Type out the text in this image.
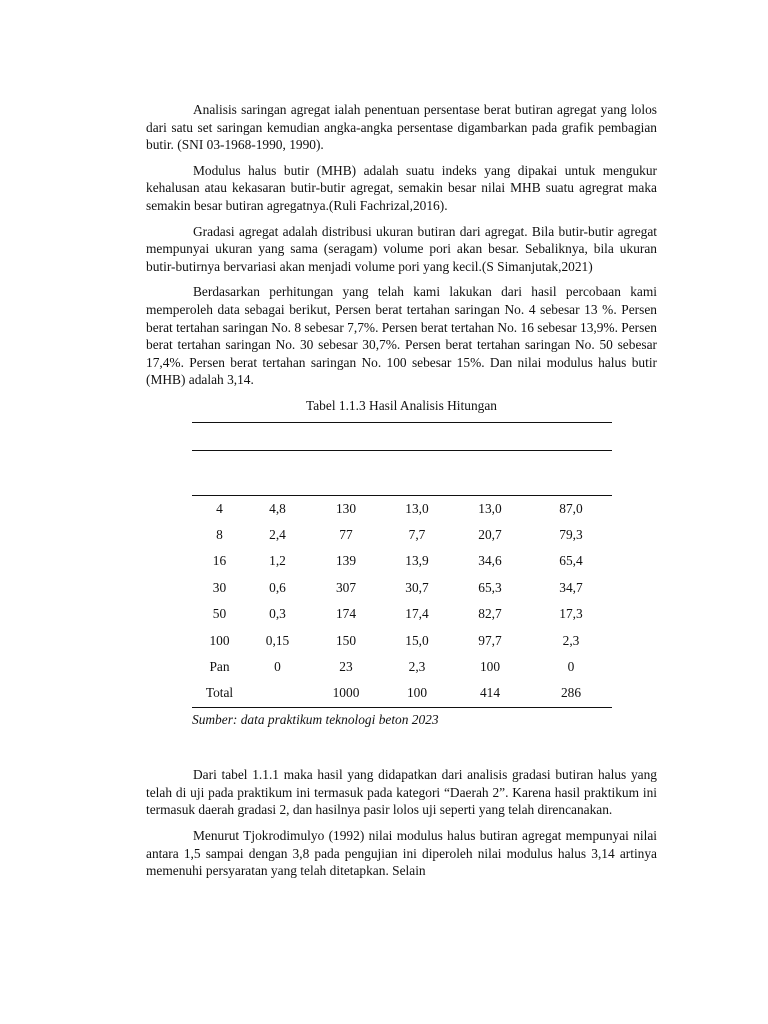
Analisis saringan agregat ialah penentuan persentase berat butiran agregat yang lolos dari satu set saringan kemudian angka-angka persentase digambarkan pada grafik pembagian butir. (SNI 03-1968-1990, 1990).

Modulus halus butir (MHB) adalah suatu indeks yang dipakai untuk mengukur kehalusan atau kekasaran butir-butir agregat, semakin besar nilai MHB suatu agregrat maka semakin besar butiran agregatnya.(Ruli Fachrizal,2016).

Gradasi agregat adalah distribusi ukuran butiran dari agregat. Bila butir-butir agregat mempunyai ukuran yang sama (seragam) volume pori akan besar. Sebaliknya, bila ukuran butir-butirnya bervariasi akan menjadi volume pori yang kecil.(S Simanjutak,2021)

Berdasarkan perhitungan yang telah kami lakukan dari hasil percobaan kami memperoleh data sebagai berikut, Persen berat tertahan saringan No. 4 sebesar 13 %. Persen berat tertahan saringan No. 8 sebesar 7,7%. Persen berat tertahan No. 16 sebesar 13,9%. Persen berat tertahan saringan No. 30 sebesar 30,7%. Persen berat tertahan saringan No. 50 sebesar 17,4%. Persen berat tertahan saringan No. 100 sebesar 15%. Dan nilai modulus halus butir (MHB) adalah 3,14.

Tabel 1.1.3 Hasil Analisis Hitungan

4	4,8	130	13,0	13,0	87,0
8	2,4	77	7,7	20,7	79,3
16	1,2	139	13,9	34,6	65,4
30	0,6	307	30,7	65,3	34,7
50	0,3	174	17,4	82,7	17,3
100	0,15	150	15,0	97,7	2,3
Pan	0	23	2,3	100	0
Total		1000	100	414	286

Sumber: data praktikum teknologi beton 2023

Dari tabel 1.1.1 maka hasil yang didapatkan dari analisis gradasi butiran halus yang telah di uji pada praktikum ini termasuk pada kategori “Daerah 2”. Karena hasil praktikum ini termasuk daerah gradasi 2, dan hasilnya pasir lolos uji seperti yang telah direncanakan.

Menurut Tjokrodimulyo (1992) nilai modulus halus butiran agregat mempunyai nilai antara 1,5 sampai dengan 3,8 pada pengujian ini diperoleh nilai modulus halus 3,14 artinya memenuhi persyaratan yang telah ditetapkan. Selain
